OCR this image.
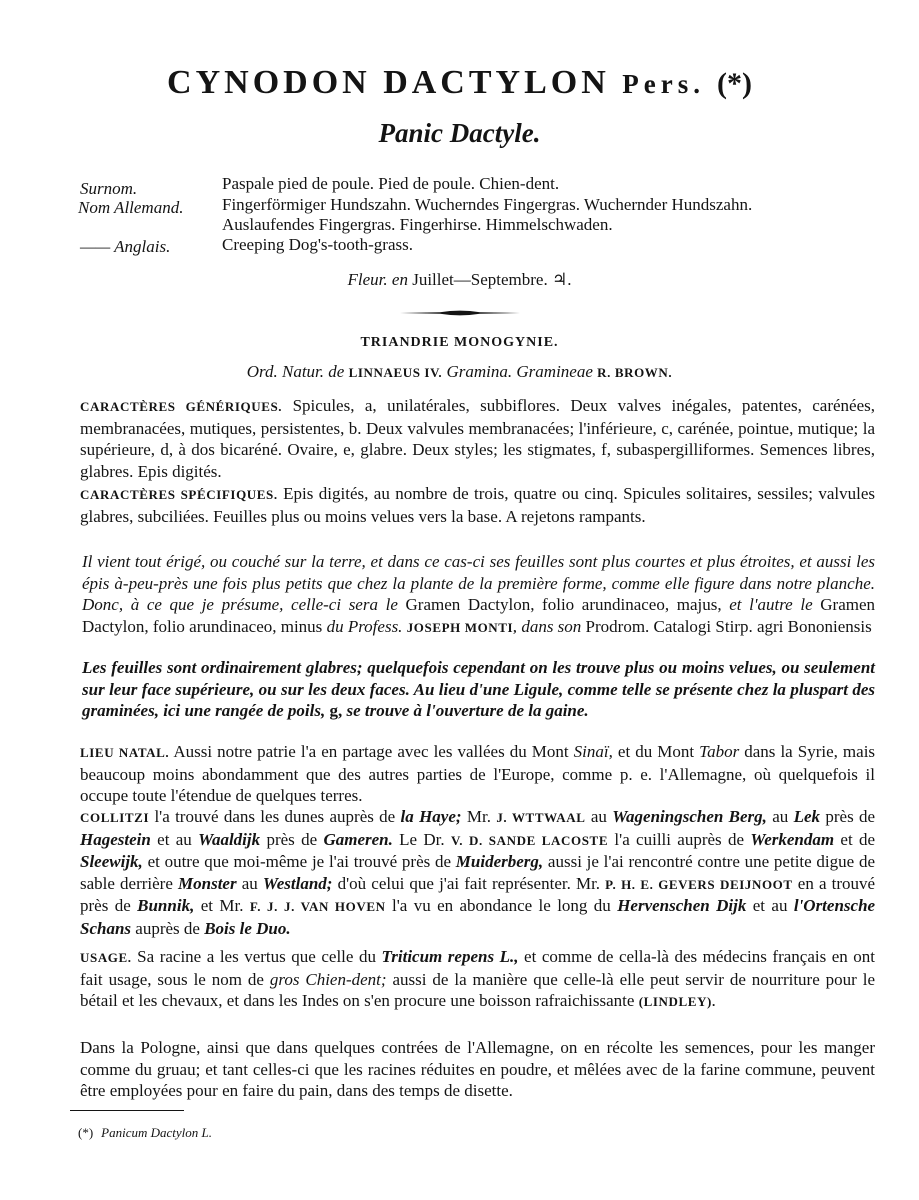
CYNODON DACTYLON Pers. (*)
Panic Dactyle.
Surnom.	Paspale pied de poule. Pied de poule. Chien-dent.
Nom Allemand. Fingerförmiger Hundszahn. Wucherndes Fingergras. Wuchernder Hundszahn.
Auslaufendes Fingergras. Fingerhirse. Himmelschwaden.
—— Anglais.	Creeping Dog's-tooth-grass.
Fleur. en Juillet—Septembre. ♃.
TRIANDRIE MONOGYNIE.
Ord. Natur. de LINNAEUS IV. Gramina. Gramineae R. BROWN.
CARACTÈRES GÉNÉRIQUES. Spicules, a, unilatérales, subbiflores. Deux valves inégales, patentes, carénées, membranacées, mutiques, persistentes, b. Deux valvules membranacées; l'inférieure, c, carénée, pointue, mutique; la supérieure, d, à dos bicaréné. Ovaire, e, glabre. Deux styles; les stigmates, f, subaspergilliformes. Semences libres, glabres. Epis digités.
CARACTÈRES SPÉCIFIQUES. Epis digités, au nombre de trois, quatre ou cinq. Spicules solitaires, sessiles; valvules glabres, subciliées. Feuilles plus ou moins velues vers la base. A rejetons rampants.
Il vient tout érigé, ou couché sur la terre, et dans ce cas-ci ses feuilles sont plus courtes et plus étroites, et aussi les épis à-peu-près une fois plus petits que chez la plante de la première forme, comme elle figure dans notre planche. Donc, à ce que je présume, celle-ci sera le Gramen Dactylon, folio arundinaceo, majus, et l'autre le Gramen Dactylon, folio arundinaceo, minus du Profess. JOSEPH MONTI, dans son Prodrom. Catalogi Stirp. agri Bononiensis
Les feuilles sont ordinairement glabres; quelquefois cependant on les trouve plus ou moins velues, ou seulement sur leur face supérieure, ou sur les deux faces. Au lieu d'une Ligule, comme telle se présente chez la pluspart des graminées, ici une rangée de poils, g, se trouve à l'ouverture de la gaine.
LIEU NATAL. Aussi notre patrie l'a en partage avec les vallées du Mont Sinaï, et du Mont Tabor dans la Syrie, mais beaucoup moins abondamment que des autres parties de l'Europe, comme p. e. l'Allemagne, où quelquefois il occupe toute l'étendue de quelques terres.
COLLITZI l'a trouvé dans les dunes auprès de la Haye; Mr. J. WTTWAAL au Wageningschen Berg, au Lek près de Hagestein et au Waaldijk près de Gameren. Le Dr. V. D. SANDE LACOSTE l'a cuilli auprès de Werkendam et de Sleewijk, et outre que moi-même je l'ai trouvé près de Muiderberg, aussi je l'ai rencontré contre une petite digue de sable derrière Monster au Westland; d'où celui que j'ai fait représenter. Mr. P. H. E. GEVERS DEIJNOOT en a trouvé près de Bunnik, et Mr. F. J. J. VAN HOVEN l'a vu en abondance le long du Hervenschen Dijk et au l'Ortensche Schans auprès de Bois le Duo.
USAGE. Sa racine a les vertus que celle du Triticum repens L., et comme de cella-là des médecins français en ont fait usage, sous le nom de gros Chien-dent; aussi de la manière que celle-là elle peut servir de nourriture pour le bétail et les chevaux, et dans les Indes on s'en procure une boisson rafraichissante (LINDLEY).
Dans la Pologne, ainsi que dans quelques contrées de l'Allemagne, on en récolte les semences, pour les manger comme du gruau; et tant celles-ci que les racines réduites en poudre, et mêlées avec de la farine commune, peuvent être employées pour en faire du pain, dans des temps de disette.
(*) Panicum Dactylon L.
